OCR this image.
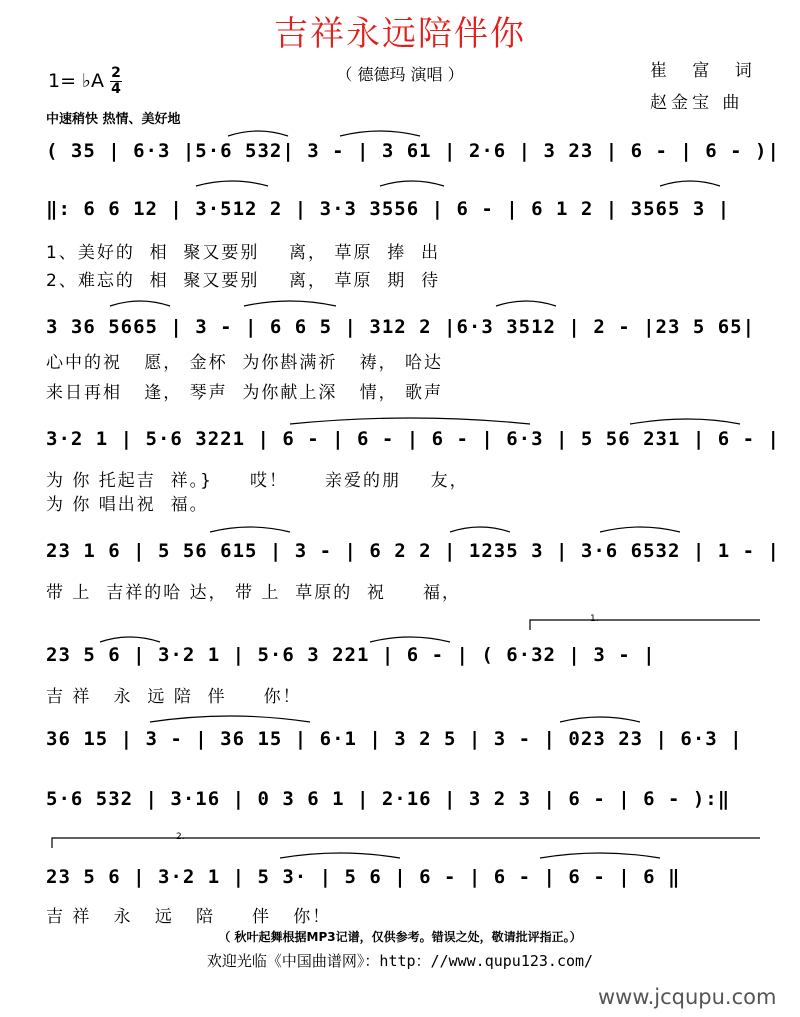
吉祥永远陪伴你
（ 德德玛 演唱 ）	崔 富 词
赵金宝 曲
1= ♭A 2
4
中速稍快 热情、美好地
1.
2.
( 35 | 6·3 |5·6 532| 3 - | 3 61 | 2·6 | 3 23 | 6 - | 6 - )|
‖: 6 6 12 | 3·512 2 | 3·3 3556 | 6 - | 6 1 2 | 3565 3 |
1、美好的  相  聚又要别    离， 草原  捧  出
2、难忘的  相  聚又要别    离， 草原  期  待
3 36 5665 | 3 - | 6 6 5 | 312 2 |6·3 3512 | 2 - |23 5 65|
心中的祝   愿， 金杯  为你斟满祈   祷， 哈达
来日再相   逢， 琴声  为你献上深   情， 歌声
3·2 1 | 5·6 3221 | 6 - | 6 - | 6 - | 6·3 | 5 56 231 | 6 - |
为 你 托起吉  祥。}     哎！     亲爱的朋    友，
为 你 唱出祝  福。
23 1 6 | 5 56 615 | 3 - | 6 2 2 | 1235 3 | 3·6 6532 | 1 - |
带 上  吉祥的哈 达， 带 上  草原的  祝     福，
23 5 6 | 3·2 1 | 5·6 3 221 | 6 - | ( 6·32 | 3 - |
吉 祥   永  远 陪  伴     你！
36 15 | 3 - | 36 15 | 6·1 | 3 2 5 | 3 - | 023 23 | 6·3 |
5·6 532 | 3·16 | 0 3 6 1 | 2·16 | 3 2 3 | 6 - | 6 - ):‖
23 5 6 | 3·2 1 | 5 3· | 5 6 | 6 - | 6 - | 6 - | 6 ‖
吉 祥   永   远   陪     伴   你！
（ 秋叶起舞根据MP3记谱，仅供参考。错误之处，敬请批评指正。）
欢迎光临《中国曲谱网》：http：//www.qupu123.com/
www.jcqupu.com
